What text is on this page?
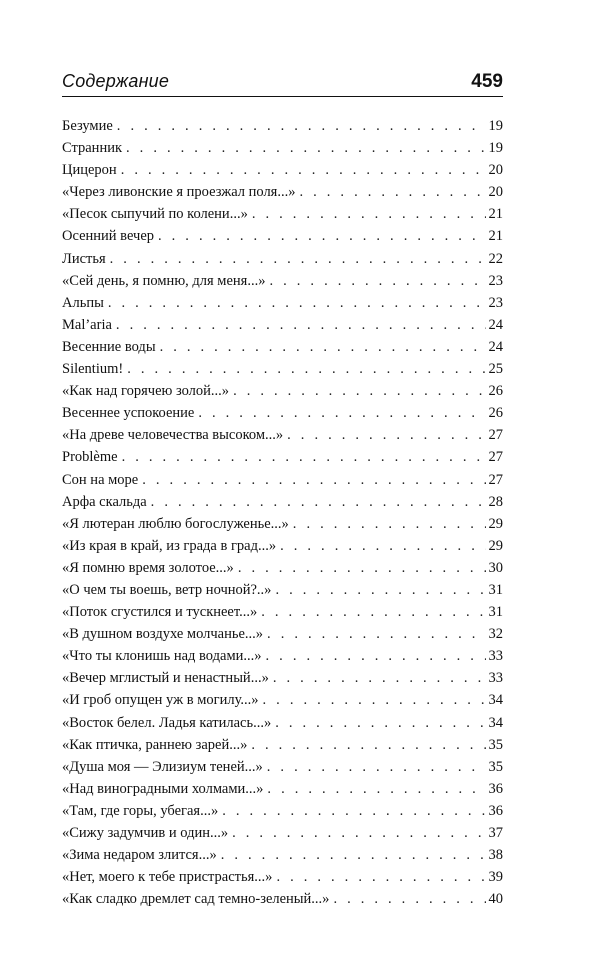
Содержание	459
Безумие . . .	19
Странник . . .	19
Цицерон . . .	20
«Через ливонские я проезжал поля...» . . .	20
«Песок сыпучий по колени...» . . .	21
Осенний вечер . . .	21
Листья . . .	22
«Сей день, я помню, для меня...» . . .	23
Альпы . . .	23
Mal’aria . . .	24
Весенние воды . . .	24
Silentium! . . .	25
«Как над горячею золой...» . . .	26
Весеннее успокоение . . .	26
«На древе человечества высоком...» . . .	27
Problème . . .	27
Сон на море . . .	27
Арфа скальда . . .	28
«Я лютеран люблю богослуженье...» . . .	29
«Из края в край, из града в град...» . . .	29
«Я помню время золотое...» . . .	30
«О чем ты воешь, ветр ночной?..» . . .	31
«Поток сгустился и тускнеет...» . . .	31
«В душном воздухе молчанье...» . . .	32
«Что ты клонишь над водами...» . . .	33
«Вечер мглистый и ненастный...» . . .	33
«И гроб опущен уж в могилу...» . . .	34
«Восток белел. Ладья катилась...» . . .	34
«Как птичка, раннею зарей...» . . .	35
«Душа моя — Элизиум теней...» . . .	35
«Над виноградными холмами...» . . .	36
«Там, где горы, убегая...» . . .	36
«Сижу задумчив и один...» . . .	37
«Зима недаром злится...» . . .	38
«Нет, моего к тебе пристрастья...» . . .	39
«Как сладко дремлет сад темно-зеленый...» . . .	40
